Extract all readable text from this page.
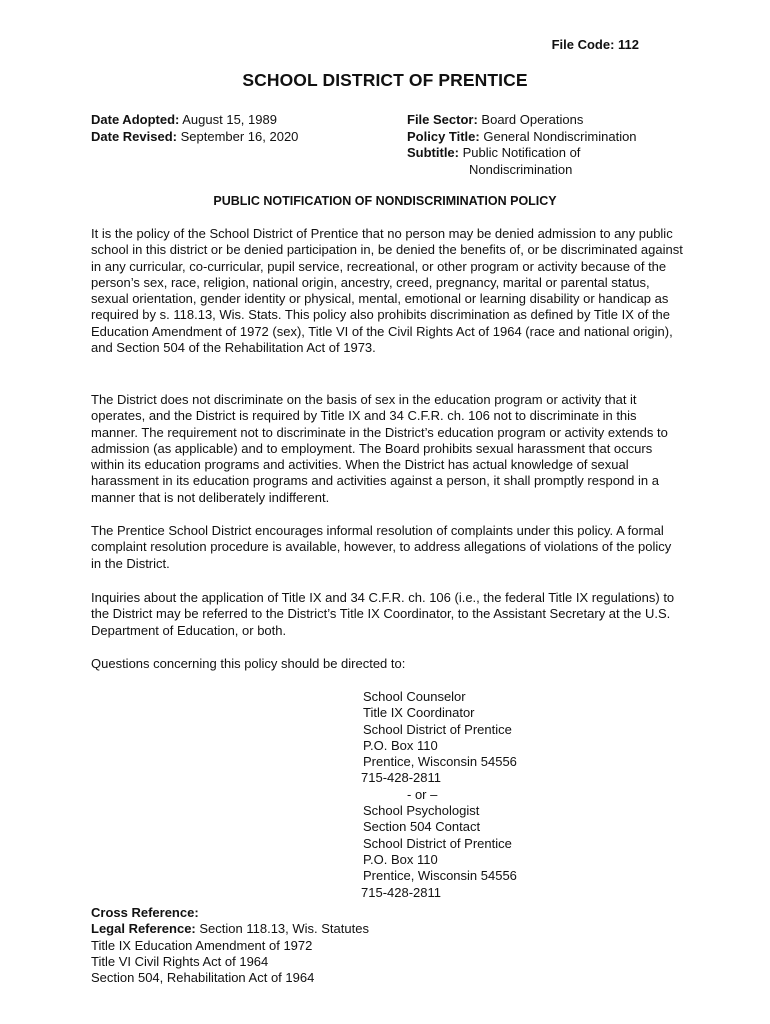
File Code: 112
SCHOOL DISTRICT OF PRENTICE
Date Adopted: August 15, 1989
Date Revised: September 16, 2020
File Sector: Board Operations
Policy Title: General Nondiscrimination
Subtitle: Public Notification of
Nondiscrimination
PUBLIC NOTIFICATION OF NONDISCRIMINATION POLICY

It is the policy of the School District of Prentice that no person may be denied admission to any public school in this district or be denied participation in, be denied the benefits of, or be discriminated against in any curricular, co-curricular, pupil service, recreational, or other program or activity because of the person’s sex, race, religion, national origin, ancestry, creed, pregnancy, marital or parental status, sexual orientation, gender identity or physical, mental, emotional or learning disability or handicap as required by s. 118.13, Wis. Stats. This policy also prohibits discrimination as defined by Title IX of the Education Amendment of 1972 (sex), Title VI of the Civil Rights Act of 1964 (race and national origin), and Section 504 of the Rehabilitation Act of 1973.

The District does not discriminate on the basis of sex in the education program or activity that it operates, and the District is required by Title IX and 34 C.F.R. ch. 106 not to discriminate in this manner. The requirement not to discriminate in the District’s education program or activity extends to admission (as applicable) and to employment. The Board prohibits sexual harassment that occurs within its education programs and activities. When the District has actual knowledge of sexual harassment in its education programs and activities against a person, it shall promptly respond in a manner that is not deliberately indifferent.

The Prentice School District encourages informal resolution of complaints under this policy. A formal complaint resolution procedure is available, however, to address allegations of violations of the policy in the District.

Inquiries about the application of Title IX and 34 C.F.R. ch. 106 (i.e., the federal Title IX regulations) to the District may be referred to the District’s Title IX Coordinator, to the Assistant Secretary at the U.S. Department of Education, or both.

Questions concerning this policy should be directed to:

School Counselor
Title IX Coordinator
School District of Prentice
P.O. Box 110
Prentice, Wisconsin 54556
715-428-2811
- or –
School Psychologist
Section 504 Contact
School District of Prentice
P.O. Box 110
Prentice, Wisconsin 54556
715-428-2811
Cross Reference:
Legal Reference: Section 118.13, Wis. Statutes
Title IX Education Amendment of 1972
Title VI Civil Rights Act of 1964
Section 504, Rehabilitation Act of 1964
